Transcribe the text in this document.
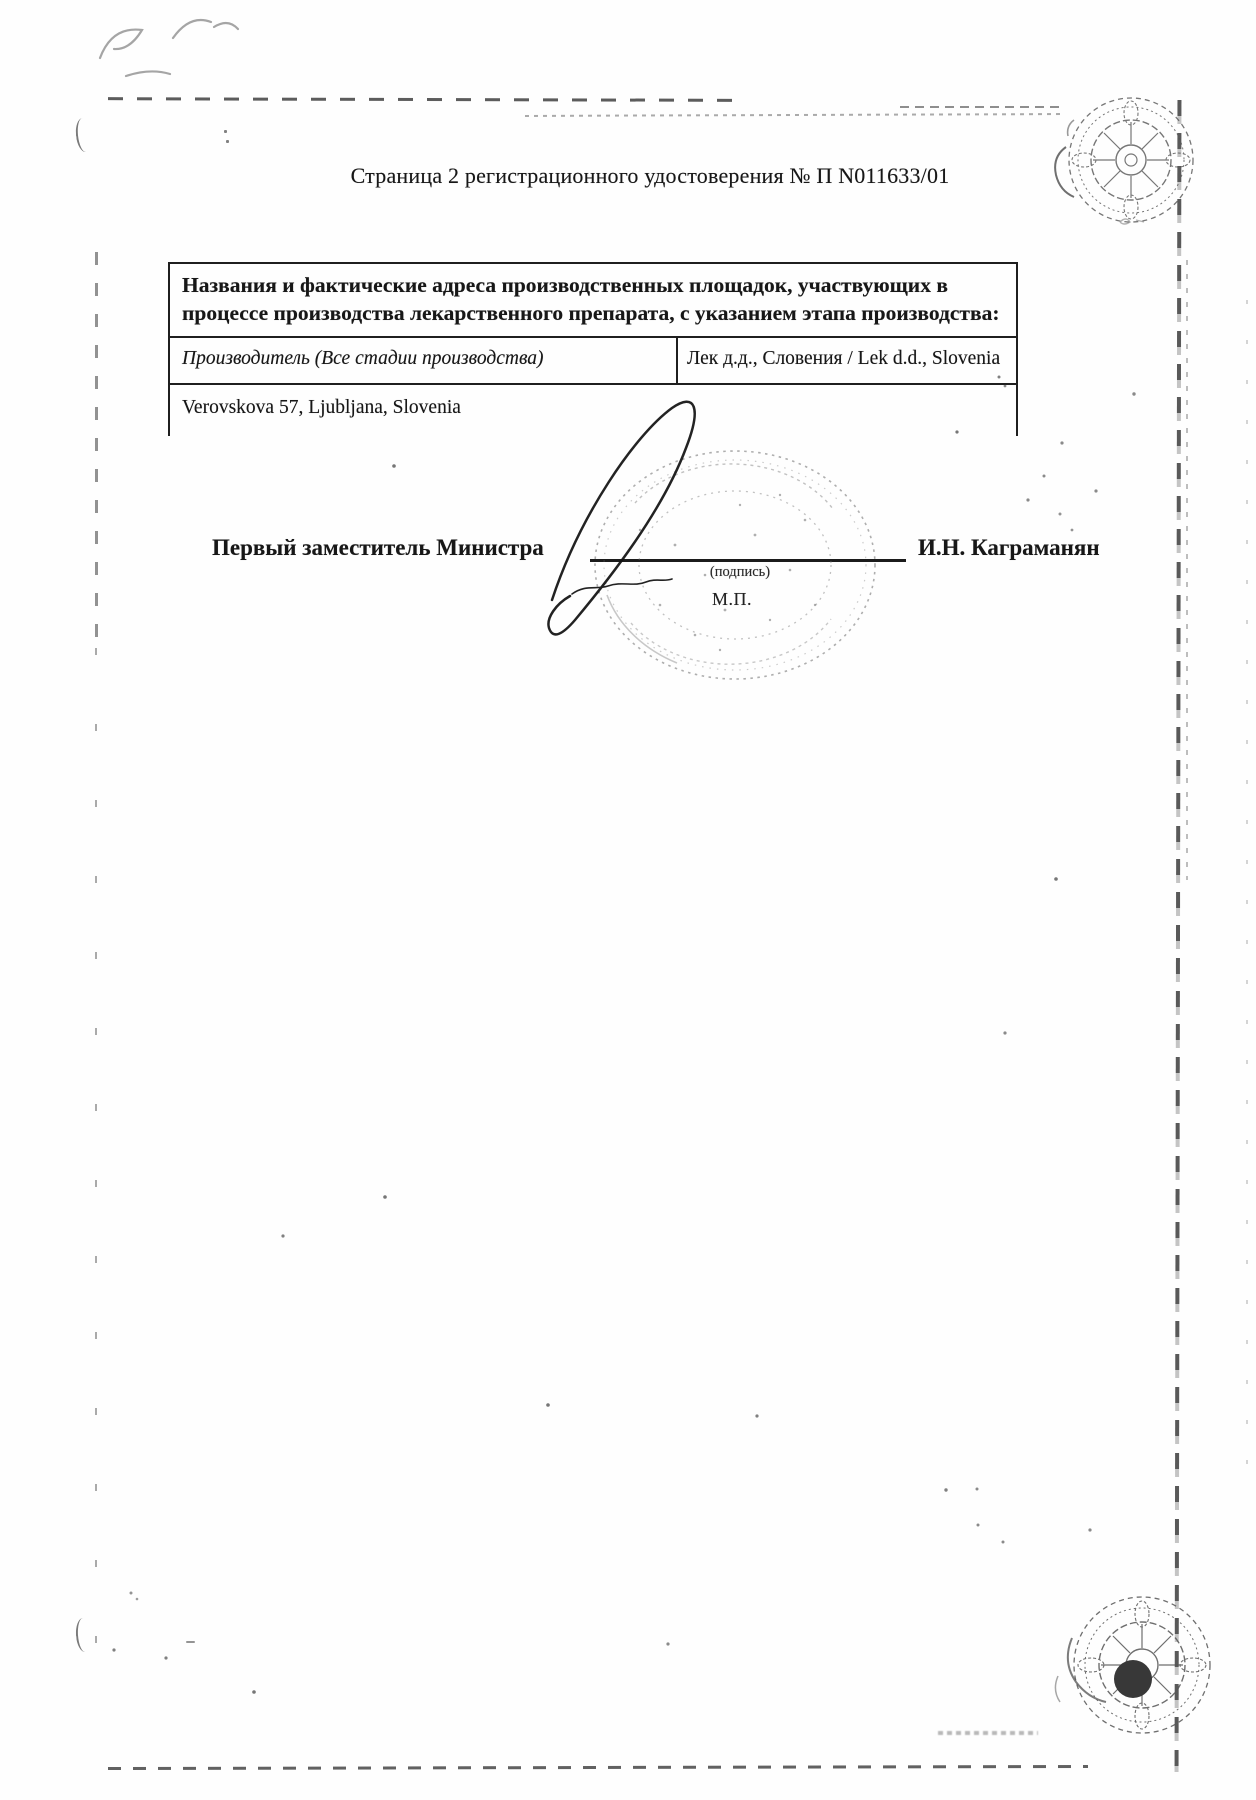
Страница 2 регистрационного удостоверения № П N011633/01
Названия и фактические адреса производственных площадок, участвующих в процессе производства лекарственного препарата, с указанием этапа производства:
Производитель (Все стадии производства)	Лек д.д., Словения / Lek d.d., Slovenia
Verovskova 57, Ljubljana, Slovenia
Первый заместитель Министра
(подпись)
М.П.
И.Н. Каграманян
